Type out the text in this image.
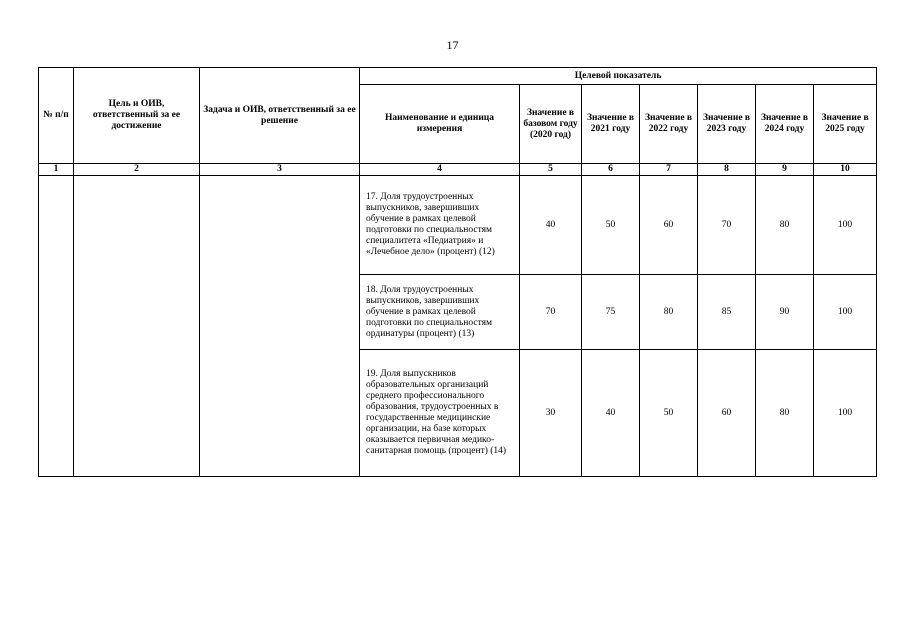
17
№ п/п	Цель и ОИВ, ответственный за ее достижение	Задача и ОИВ, ответственный за ее решение	Целевой показатель						
			Наименование и единица измерения	Значение в базовом году (2020 год)	Значение в 2021 году	Значение в 2022 году	Значение в 2023 году	Значение в 2024 году	Значение в 2025 году
1	2	3	4	5	6	7	8	9	10
			17. Доля трудоустроенных выпускников, завершивших обучение в рамках целевой подготовки по специальностям специалитета «Педиатрия» и «Лечебное дело» (процент) (12)	40	50	60	70	80	100
			18. Доля трудоустроенных выпускников, завершивших обучение в рамках целевой подготовки по специальностям ординатуры (процент) (13)	70	75	80	85	90	100
			19. Доля выпускников образовательных организаций среднего профессионального образования, трудоустроенных в государственные медицинские организации, на базе которых оказывается первичная медико-санитарная помощь (процент) (14)	30	40	50	60	80	100
